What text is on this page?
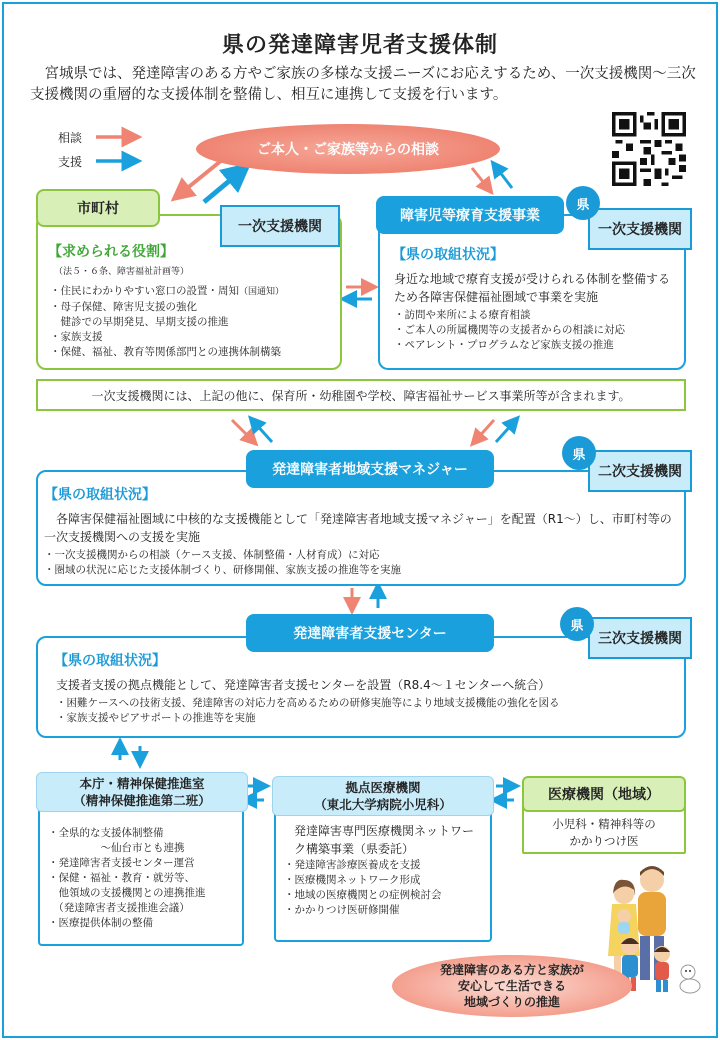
県の発達障害児者支援体制
　宮城県では、発達障害のある方やご家族の多様な支援ニーズにお応えするため、一次支援機関～三次支援機関の重層的な支援体制を整備し、相互に連携して支援を行います。
相談
支援
ご本人・ご家族等からの相談
市町村
一次支援機関
【求められる役割】
（法５・６条、障害福祉計画等）
・住民にわかりやすい窓口の設置・周知（国通知）
・母子保健、障害児支援の強化
　健診での早期発見、早期支援の推進
・家族支援
・保健、福祉、教育等関係部門との連携体制構築
障害児等療育支援事業
一次支援機関
県
【県の取組状況】
身近な地域で療育支援が受けられる体制を整備するため各障害保健福祉圏域で事業を実施
・訪問や来所による療育相談
・ご本人の所属機関等の支援者からの相談に対応
・ペアレント・プログラムなど家族支援の推進
一次支援機関には、上記の他に、保育所・幼稚園や学校、障害福祉サービス事業所等が含まれます。
発達障害者地域支援マネジャー	二次支援機関
県
【県の取組状況】
　各障害保健福祉圏域に中核的な支援機能として「発達障害者地域支援マネジャー」を配置（R1～）し、市町村等の一次支援機関への支援を実施
・一次支援機関からの相談（ケース支援、体制整備・人材育成）に対応
・圏域の状況に応じた支援体制づくり、研修開催、家族支援の推進等を実施
発達障害者支援センター	三次支援機関
県
【県の取組状況】
支援者支援の拠点機能として、発達障害者支援センターを設置（R8.4～１センターへ統合）
・困難ケースへの技術支援、発達障害の対応力を高めるための研修実施等により地域支援機能の強化を図る
・家族支援やピアサポートの推進等を実施
本庁・精神保健推進室
（精神保健推進第二班）
・全県的な支援体制整備
　　　　　～仙台市とも連携
・発達障害者支援センター運営
・保健・福祉・教育・就労等、
　他領域の支援機関との連携推進
　（発達障害者支援推進会議）
・医療提供体制の整備
拠点医療機関
（東北大学病院小児科）
発達障害専門医療機関ネットワーク構築事業（県委託）
・発達障害診療医養成を支援
・医療機関ネットワーク形成
・地域の医療機関との症例検討会
・かかりつけ医研修開催
医療機関（地域）
小児科・精神科等の
かかりつけ医
発達障害のある方と家族が
安心して生活できる
地域づくりの推進
